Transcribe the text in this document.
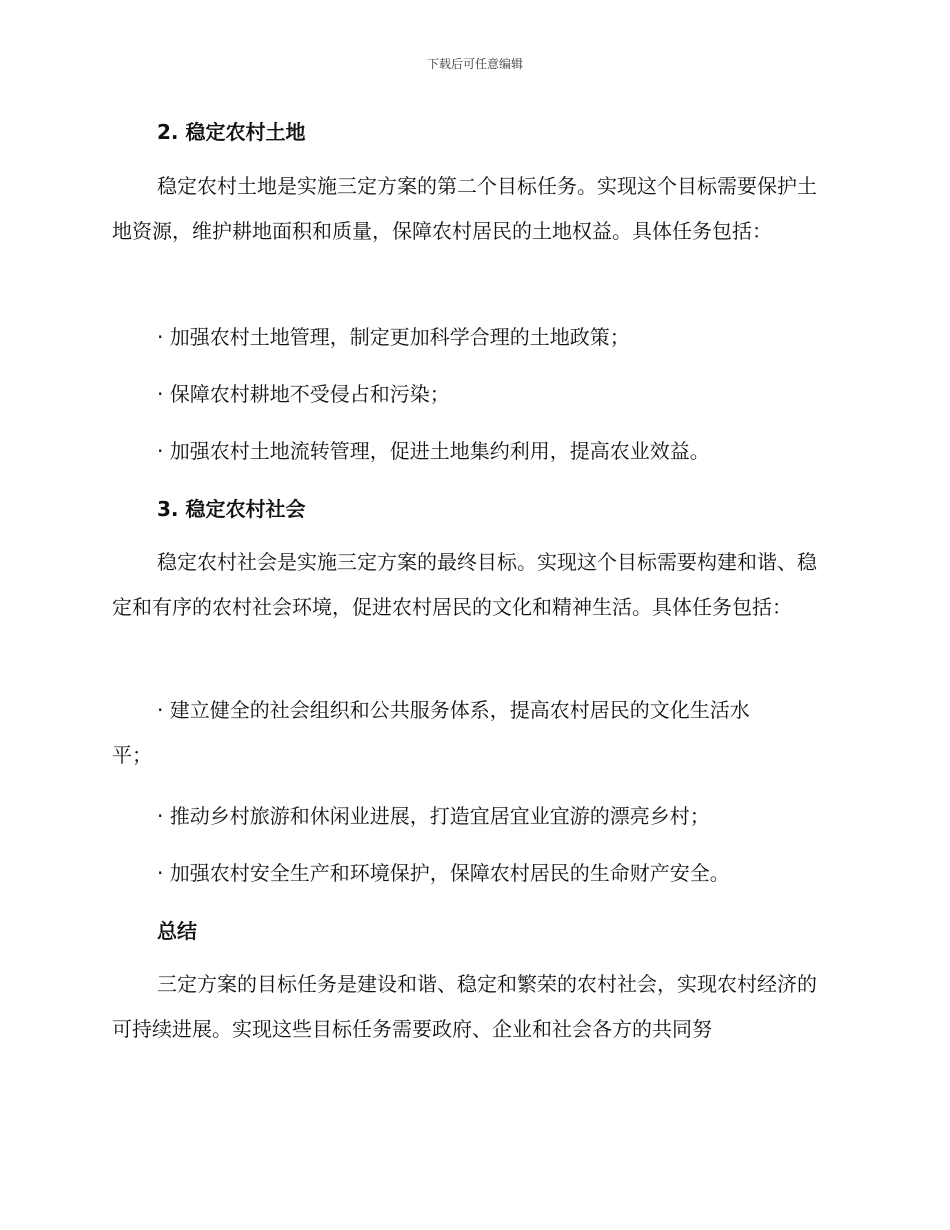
下载后可任意编辑
2. 稳定农村土地
稳定农村土地是实施三定方案的第二个目标任务。实现这个目标需要保护土地资源，维护耕地面积和质量，保障农村居民的土地权益。具体任务包括：
· 加强农村土地管理，制定更加科学合理的土地政策；
· 保障农村耕地不受侵占和污染；
· 加强农村土地流转管理，促进土地集约利用，提高农业效益。
3. 稳定农村社会
稳定农村社会是实施三定方案的最终目标。实现这个目标需要构建和谐、稳定和有序的农村社会环境，促进农村居民的文化和精神生活。具体任务包括：
· 建立健全的社会组织和公共服务体系，提高农村居民的文化生活水
平；
· 推动乡村旅游和休闲业进展，打造宜居宜业宜游的漂亮乡村；
· 加强农村安全生产和环境保护，保障农村居民的生命财产安全。
总结
三定方案的目标任务是建设和谐、稳定和繁荣的农村社会，实现农村经济的可持续进展。实现这些目标任务需要政府、企业和社会各方的共同努
